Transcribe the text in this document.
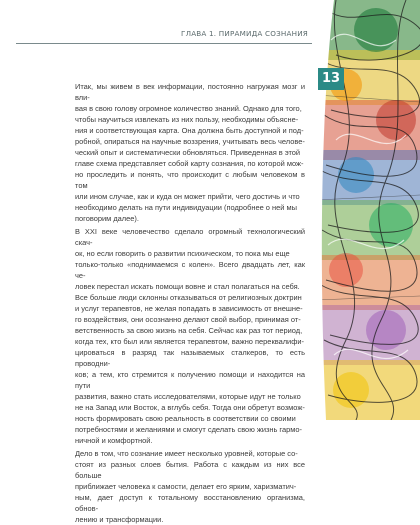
ГЛАВА 1. ПИРАМИДА СОЗНАНИЯ

Итак, мы живем в век информации, постоянно нагружая мозг и вли-
вая в свою голову огромное количество знаний. Однако для того,
чтобы научиться извлекать из них пользу, необходимы объясне-
ния и соответствующая карта. Она должна быть доступной и под-
робной, опираться на научные воззрения, учитывать весь челове-
ческий опыт и систематически обновляться. Приведенная в этой
главе схема представляет собой карту сознания, по которой мож-
но проследить и понять, что происходит с любым человеком в том
или ином случае, как и куда он может прийти, чего достичь и что
необходимо делать на пути индивидуации (подробнее о ней мы
поговорим далее).

В XXI веке человечество сделало огромный технологический скач-
ок, но если говорить о развитии психическом, то пока мы еще
только-только «поднимаемся с колен». Всего двадцать лет, как че-
ловек перестал искать помощи вовне и стал полагаться на себя.
Все больше люди склонны отказываться от религиозных доктрин
и услуг терапевтов, не желая попадать в зависимость от внешне-
го воздействия, они осознанно делают свой выбор, принимая от-
ветственность за свою жизнь на себя. Сейчас как раз тот период,
когда тех, кто был или является терапевтом, важно переквалифи-
цироваться в разряд так называемых сталкеров, то есть проводни-
ков; а тем, кто стремится к получению помощи и находится на пути
развития, важно стать исследователями, которые идут не только
не на Запад или Восток, а вглубь себя. Тогда они обретут возмож-
ность формировать свою реальность в соответствии со своими
потребностями и желаниями и смогут сделать свою жизнь гармо-
ничной и комфортной.

Дело в том, что сознание имеет несколько уровней, которые со-
стоят из разных слоев бытия. Работа с каждым из них все больше
приближает человека к самости, делает его ярким, харизматич-
ным, дает доступ к тотальному восстановлению организма, обнов-
лению и трансформации.

13
